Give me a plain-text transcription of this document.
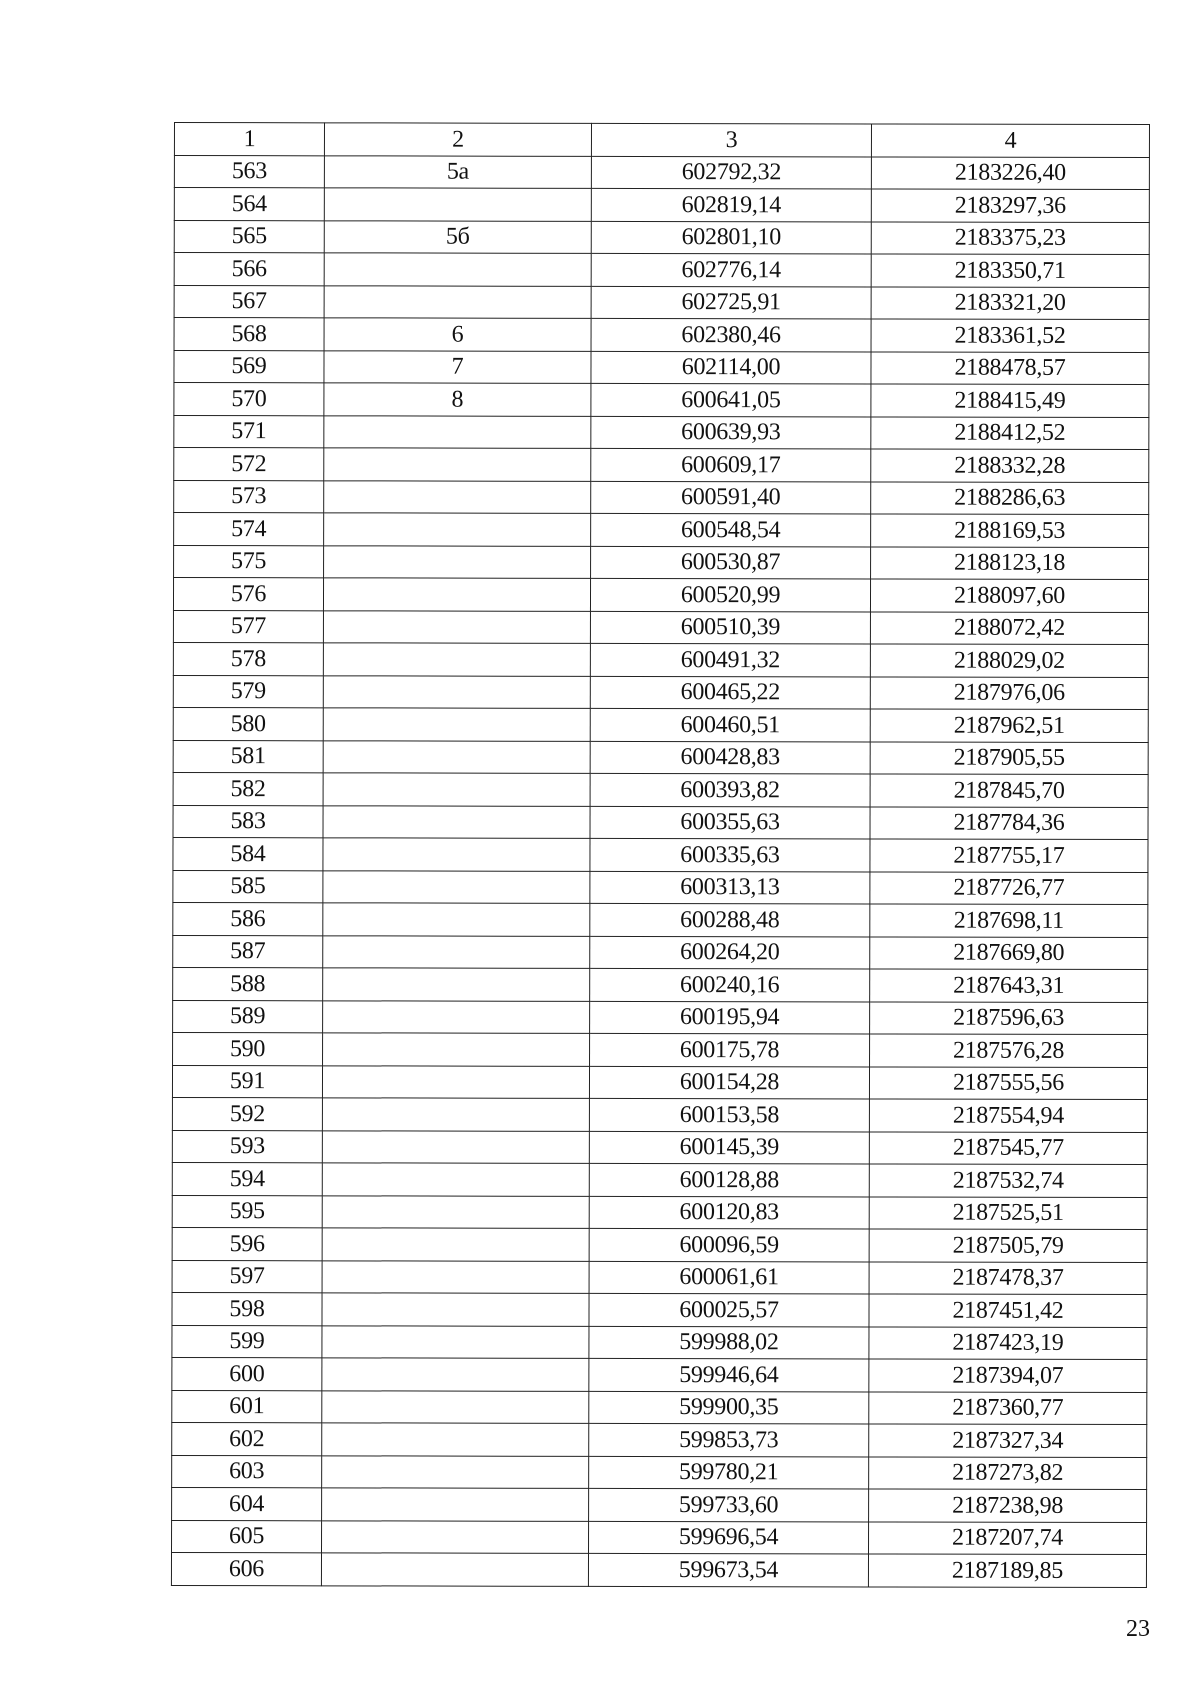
1	2	3	4
563	5а	602792,32	2183226,40
564		602819,14	2183297,36
565	5б	602801,10	2183375,23
566		602776,14	2183350,71
567		602725,91	2183321,20
568	6	602380,46	2183361,52
569	7	602114,00	2188478,57
570	8	600641,05	2188415,49
571		600639,93	2188412,52
572		600609,17	2188332,28
573		600591,40	2188286,63
574		600548,54	2188169,53
575		600530,87	2188123,18
576		600520,99	2188097,60
577		600510,39	2188072,42
578		600491,32	2188029,02
579		600465,22	2187976,06
580		600460,51	2187962,51
581		600428,83	2187905,55
582		600393,82	2187845,70
583		600355,63	2187784,36
584		600335,63	2187755,17
585		600313,13	2187726,77
586		600288,48	2187698,11
587		600264,20	2187669,80
588		600240,16	2187643,31
589		600195,94	2187596,63
590		600175,78	2187576,28
591		600154,28	2187555,56
592		600153,58	2187554,94
593		600145,39	2187545,77
594		600128,88	2187532,74
595		600120,83	2187525,51
596		600096,59	2187505,79
597		600061,61	2187478,37
598		600025,57	2187451,42
599		599988,02	2187423,19
600		599946,64	2187394,07
601		599900,35	2187360,77
602		599853,73	2187327,34
603		599780,21	2187273,82
604		599733,60	2187238,98
605		599696,54	2187207,74
606		599673,54	2187189,85
23
